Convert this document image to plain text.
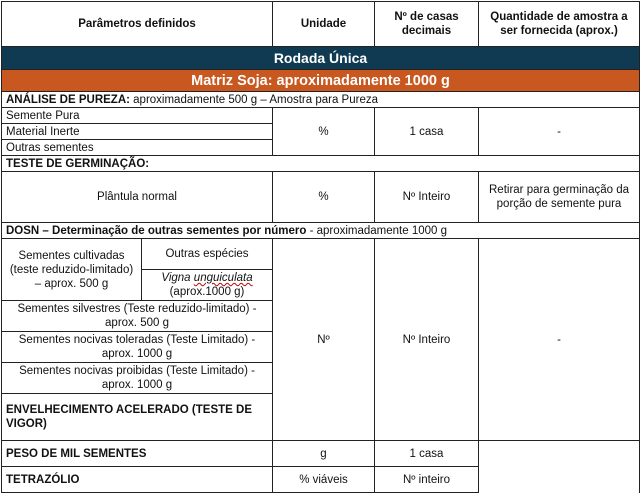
Parâmetros definidos		Unidade	Nº de casas decimais	Quantidade de amostra a ser fornecida (aprox.)	
Rodada Única					
Matriz Soja: aproximadamente 1000 g					
ANÁLISE DE PUREZA: aproximadamente 500 g – Amostra para Pureza					
Semente Pura		%	1 casa	-	
Material Inerte					
Outras sementes					
TESTE DE GERMINAÇÃO:					
Plântula normal		%	Nº Inteiro	Retirar para germinação da porção de semente pura	
DOSN – Determinação de outras sementes por número - aproximadamente 1000 g					
Sementes cultivadas (teste reduzido-limitado) – aprox. 500 g	Outras espécies	Nº	Nº Inteiro	-	
	Vigna unguiculata
(aprox.1000 g)				
Sementes silvestres (Teste reduzido-limitado) - aprox. 500 g					
Sementes nocivas toleradas (Teste Limitado) - aprox. 1000 g					
Sementes nocivas proibidas (Teste Limitado) - aprox. 1000 g					
ENVELHECIMENTO ACELERADO (TESTE DE VIGOR)			
PESO DE MIL SEMENTES		g	1 casa		
TETRAZÓLIO		% viáveis	Nº inteiro		
